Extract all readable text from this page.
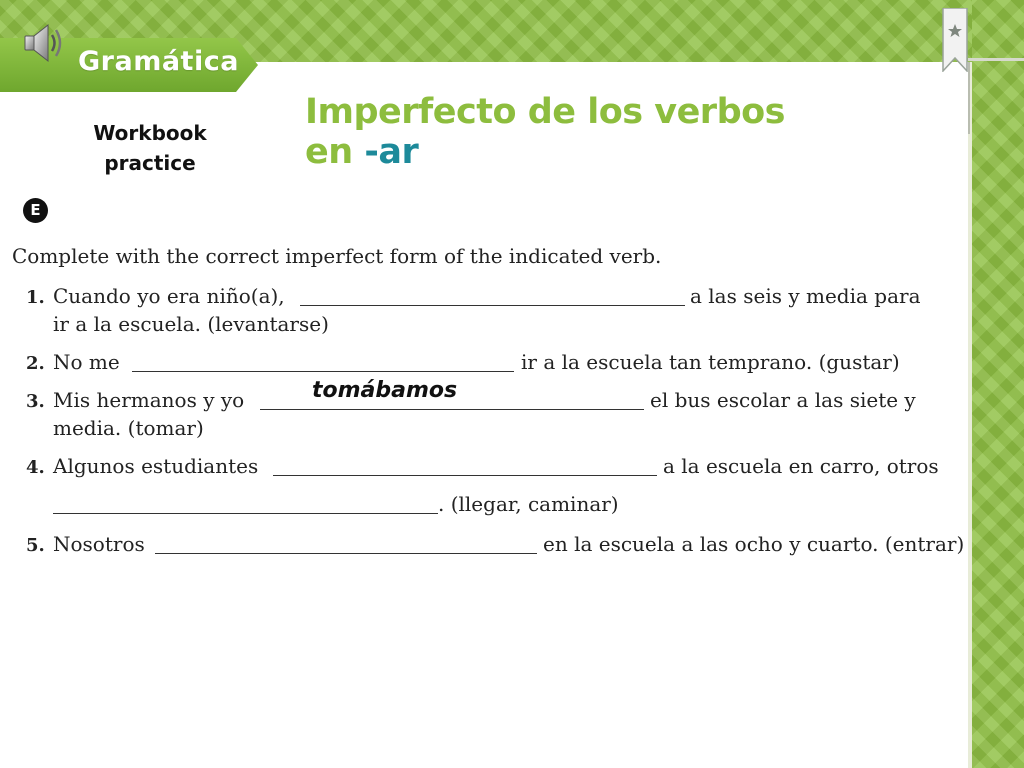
Gramática
Workbook
practice
Imperfecto de los verbos
en -ar
E
Complete with the correct imperfect form of the indicated verb.
1. Cuando yo era niño(a),	a las seis y media para
ir a la escuela. (levantarse)
2. No me	ir a la escuela tan temprano. (gustar)
3. Mis hermanos y yo	el bus escolar a las siete y
media. (tomar)
tomábamos
4. Algunos estudiantes	a la escuela en carro, otros
. (llegar, caminar)
5. Nosotros	en la escuela a las ocho y cuarto. (entrar)
